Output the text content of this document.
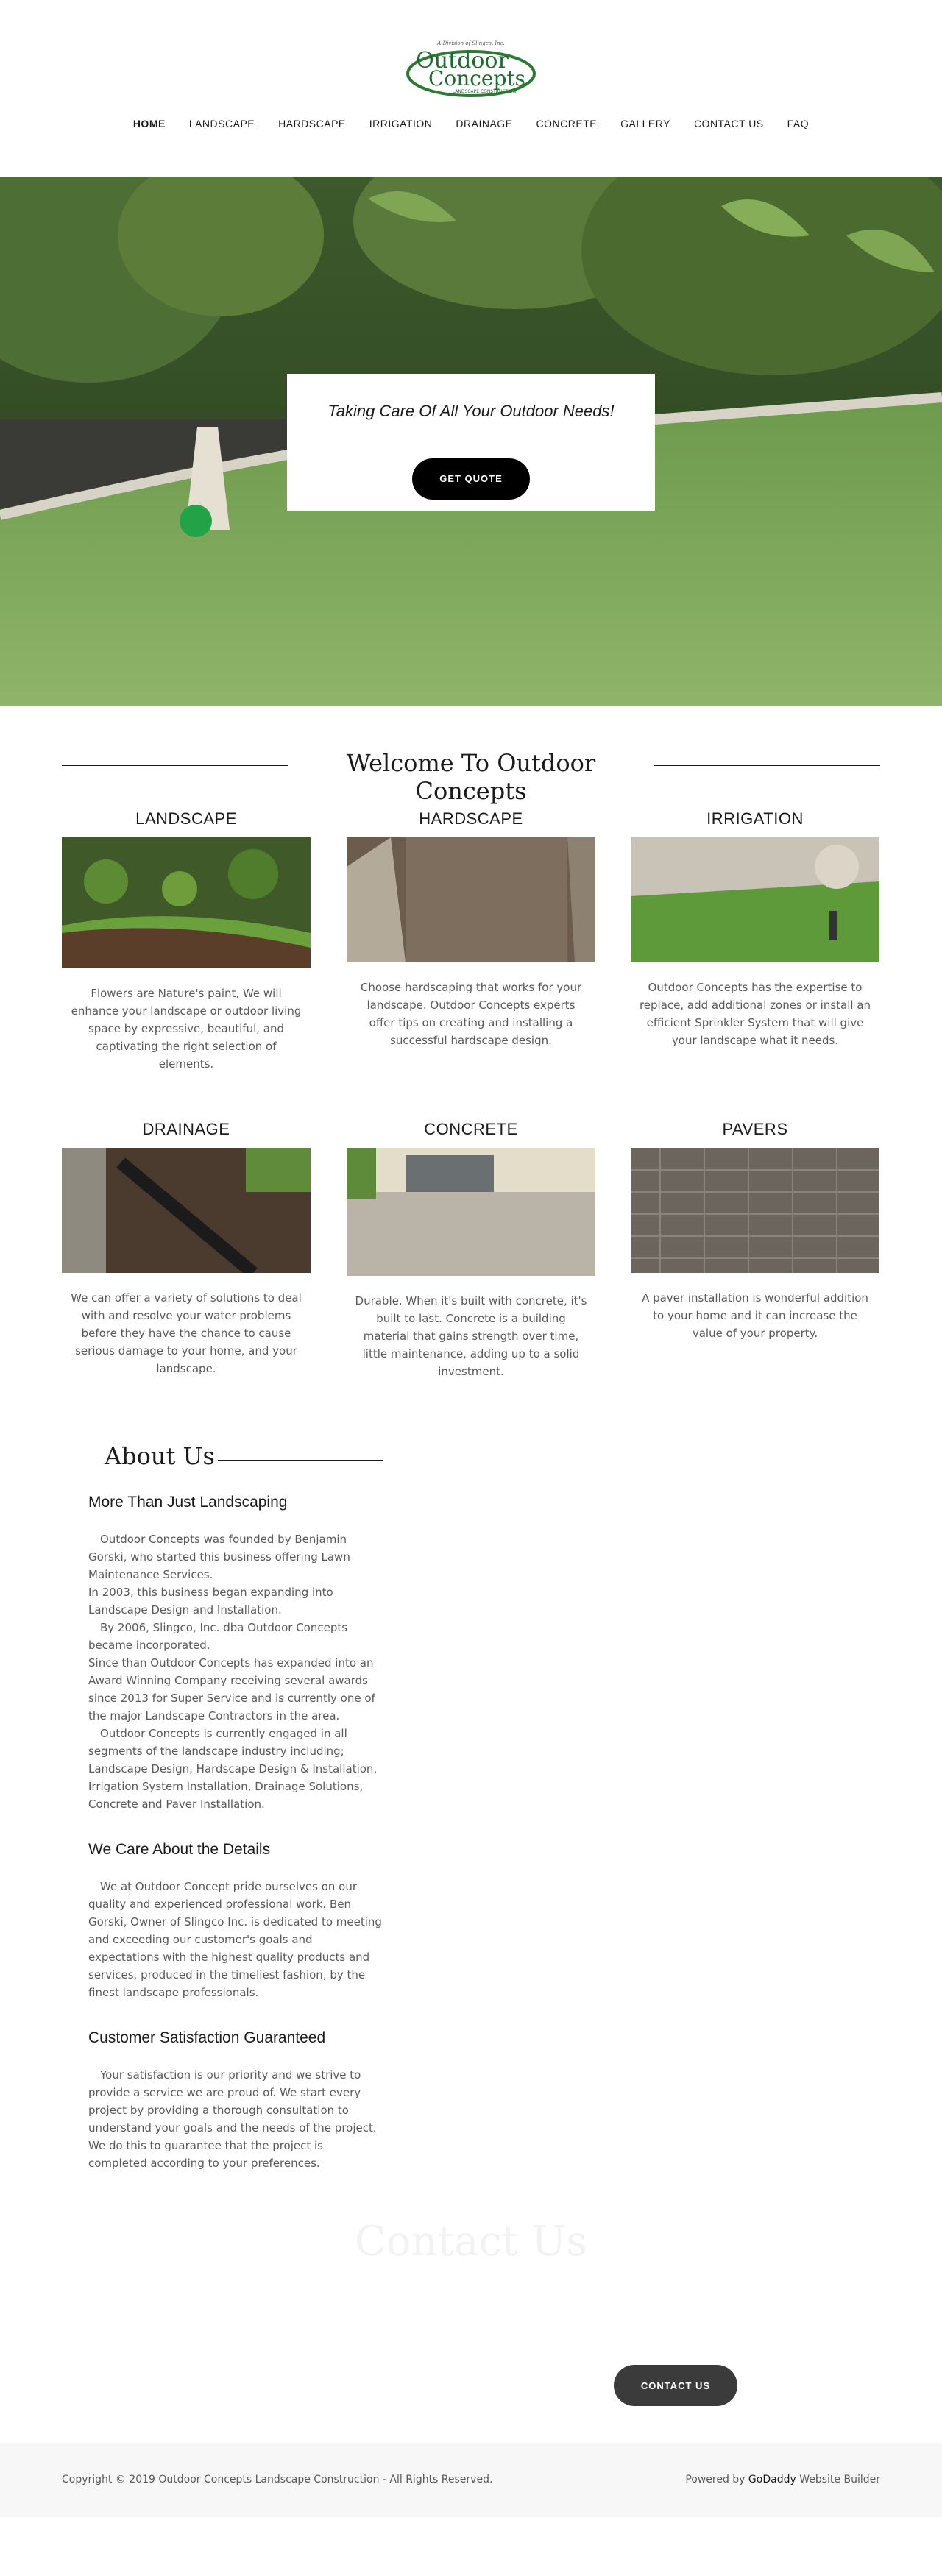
A Division of Slingco, Inc.
Outdoor
Concepts
LANDSCAPE CONSTRUCTION
HOME LANDSCAPE HARDSCAPE IRRIGATION DRAINAGE CONCRETE GALLERY CONTACT US FAQ
Taking Care Of All Your Outdoor Needs!

GET QUOTE
Welcome To Outdoor Concepts
LANDSCAPE

Flowers are Nature's paint, We will enhance your landscape or outdoor living space by expressive, beautiful, and captivating the right selection of elements.

HARDSCAPE

Choose hardscaping that works for your landscape. Outdoor Concepts experts offer tips on creating and installing a successful hardscape design.

IRRIGATION

Outdoor Concepts has the expertise to replace, add additional zones or install an efficient Sprinkler System that will give your landscape what it needs.

DRAINAGE

We can offer a variety of solutions to deal with and resolve your water problems before they have the chance to cause serious damage to your home, and your landscape.

CONCRETE

Durable. When it's built with concrete, it's built to last. Concrete is a building material that gains strength over time, little maintenance, adding up to a solid investment.

PAVERS

A paver installation is wonderful addition to your home and it can increase the value of your property.

About Us
More Than Just Landscaping

Outdoor Concepts was founded by Benjamin Gorski, who started this business offering Lawn Maintenance Services.

In 2003, this business began expanding into Landscape Design and Installation.

By 2006, Slingco, Inc. dba Outdoor Concepts became incorporated.

Since than Outdoor Concepts has expanded into an Award Winning Company receiving several awards since 2013 for Super Service and is currently one of the major Landscape Contractors in the area.

Outdoor Concepts is currently engaged in all segments of the landscape industry including; Landscape Design, Hardscape Design & Installation, Irrigation System Installation, Drainage Solutions, Concrete and Paver Installation.

We Care About the Details

We at Outdoor Concept pride ourselves on our quality and experienced professional work. Ben Gorski, Owner of Slingco Inc. is dedicated to meeting and exceeding our customer's goals and expectations with the highest quality products and services, produced in the timeliest fashion, by the finest landscape professionals.

Customer Satisfaction Guaranteed

Your satisfaction is our priority and we strive to provide a service we are proud of. We start every project by providing a thorough consultation to understand your goals and the needs of the project. We do this to guarantee that the project is completed according to your preferences.

Contact Us
CONTACT US
Copyright © 2019 Outdoor Concepts Landscape Construction - All Rights Reserved.	Powered by GoDaddy Website Builder
